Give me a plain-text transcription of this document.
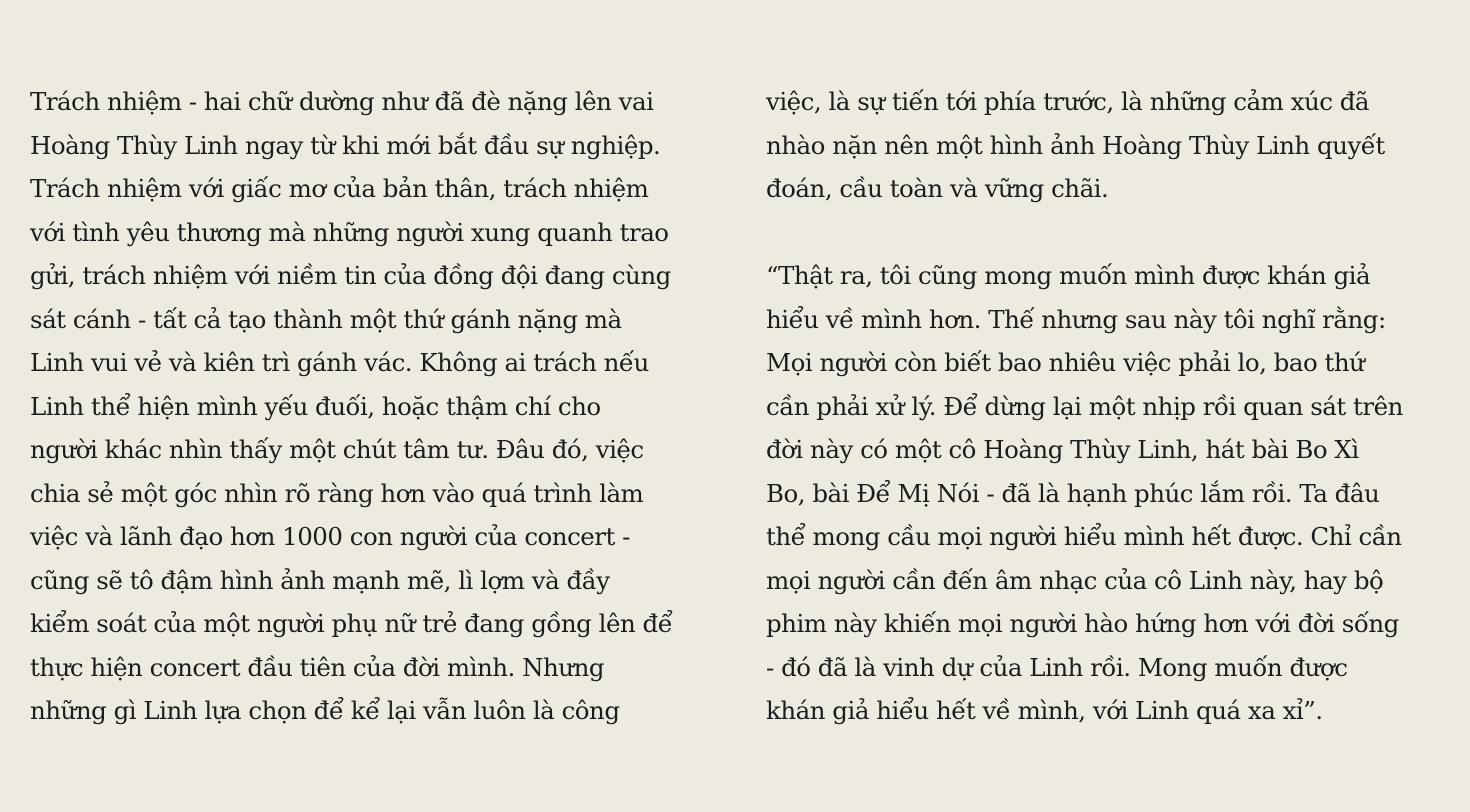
Trách nhiệm - hai chữ dường như đã đè nặng lên vai
Hoàng Thùy Linh ngay từ khi mới bắt đầu sự nghiệp.
Trách nhiệm với giấc mơ của bản thân, trách nhiệm
với tình yêu thương mà những người xung quanh trao
gửi, trách nhiệm với niềm tin của đồng đội đang cùng
sát cánh - tất cả tạo thành một thứ gánh nặng mà
Linh vui vẻ và kiên trì gánh vác. Không ai trách nếu
Linh thể hiện mình yếu đuối, hoặc thậm chí cho
người khác nhìn thấy một chút tâm tư. Đâu đó, việc
chia sẻ một góc nhìn rõ ràng hơn vào quá trình làm
việc và lãnh đạo hơn 1000 con người của concert -
cũng sẽ tô đậm hình ảnh mạnh mẽ, lì lợm và đầy
kiểm soát của một người phụ nữ trẻ đang gồng lên để
thực hiện concert đầu tiên của đời mình. Nhưng
những gì Linh lựa chọn để kể lại vẫn luôn là công

việc, là sự tiến tới phía trước, là những cảm xúc đã
nhào nặn nên một hình ảnh Hoàng Thùy Linh quyết
đoán, cầu toàn và vững chãi.
“Thật ra, tôi cũng mong muốn mình được khán giả
hiểu về mình hơn. Thế nhưng sau này tôi nghĩ rằng:
Mọi người còn biết bao nhiêu việc phải lo, bao thứ
cần phải xử lý. Để dừng lại một nhịp rồi quan sát trên
đời này có một cô Hoàng Thùy Linh, hát bài Bo Xì
Bo, bài Để Mị Nói - đã là hạnh phúc lắm rồi. Ta đâu
thể mong cầu mọi người hiểu mình hết được. Chỉ cần
mọi người cần đến âm nhạc của cô Linh này, hay bộ
phim này khiến mọi người hào hứng hơn với đời sống
- đó đã là vinh dự của Linh rồi. Mong muốn được
khán giả hiểu hết về mình, với Linh quá xa xỉ”.
